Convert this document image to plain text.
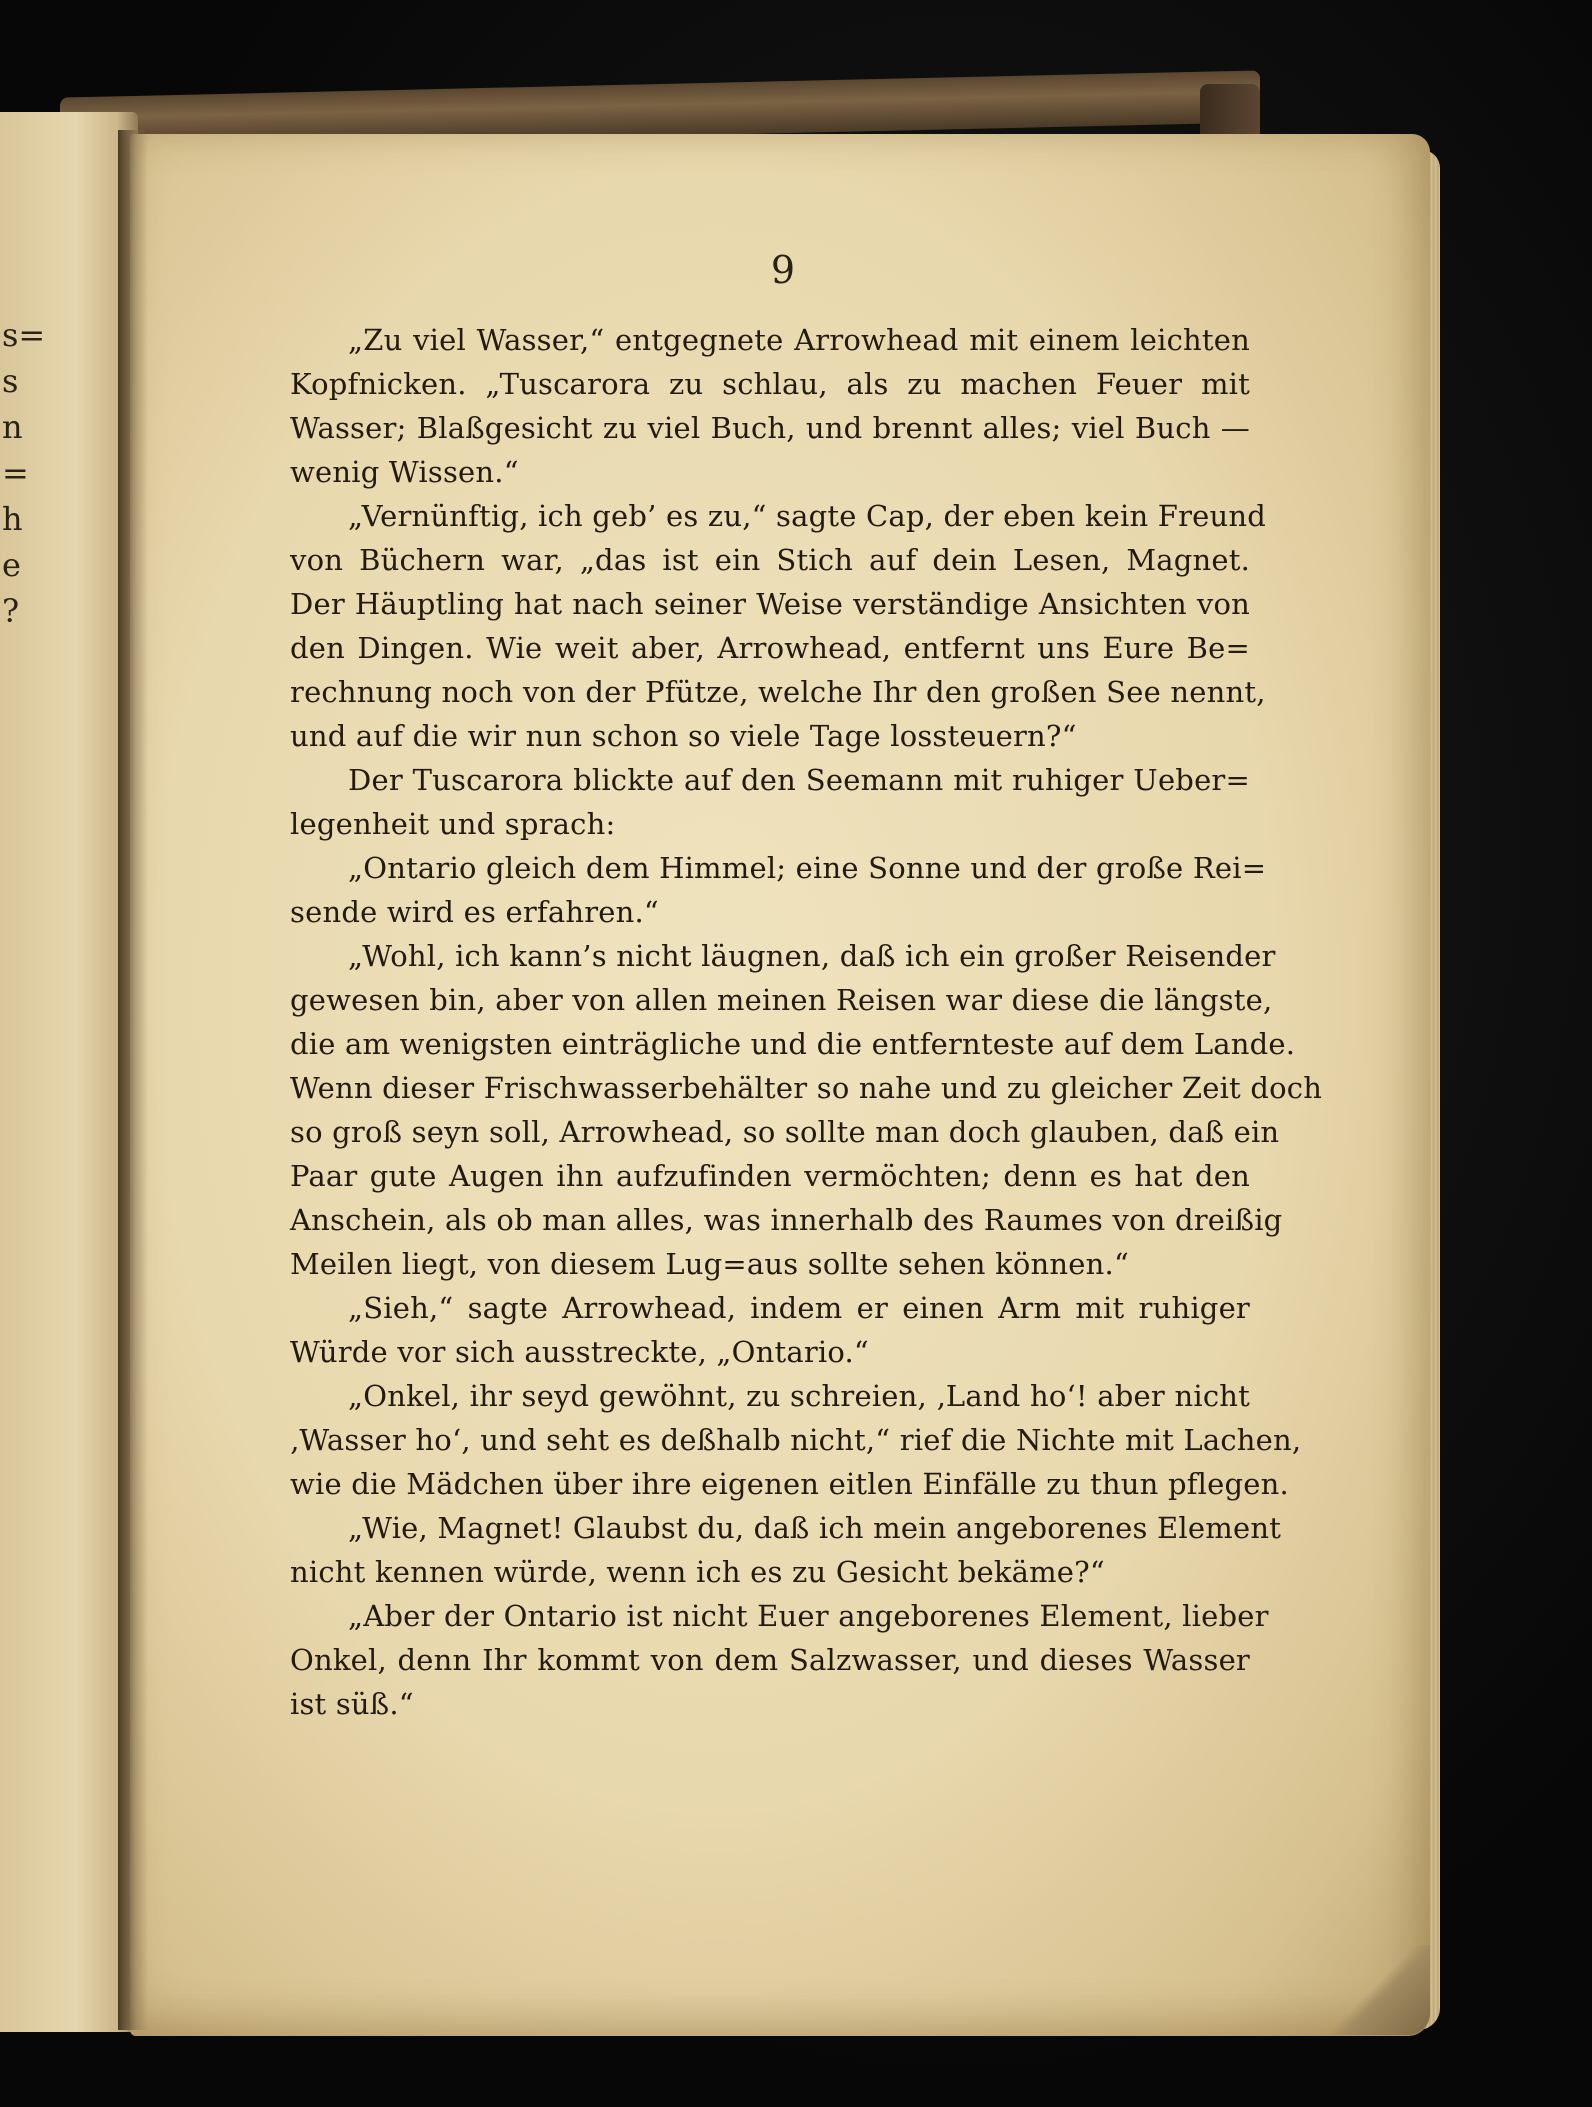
s=
s
n
=
h
e
?
9
„Zu viel Wasser,“ entgegnete Arrowhead mit einem leichten
Kopfnicken. „Tuscarora zu schlau, als zu machen Feuer mit
Wasser; Blaßgesicht zu viel Buch, und brennt alles; viel Buch —
wenig Wissen.“
„Vernünftig, ich geb’ es zu,“ sagte Cap, der eben kein Freund
von Büchern war, „das ist ein Stich auf dein Lesen, Magnet.
Der Häuptling hat nach seiner Weise verständige Ansichten von
den Dingen. Wie weit aber, Arrowhead, entfernt uns Eure Be=
rechnung noch von der Pfütze, welche Ihr den großen See nennt,
und auf die wir nun schon so viele Tage lossteuern?“
Der Tuscarora blickte auf den Seemann mit ruhiger Ueber=
legenheit und sprach:
„Ontario gleich dem Himmel; eine Sonne und der große Rei=
sende wird es erfahren.“
„Wohl, ich kann’s nicht läugnen, daß ich ein großer Reisender
gewesen bin, aber von allen meinen Reisen war diese die längste,
die am wenigsten einträgliche und die entfernteste auf dem Lande.
Wenn dieser Frischwasserbehälter so nahe und zu gleicher Zeit doch
so groß seyn soll, Arrowhead, so sollte man doch glauben, daß ein
Paar gute Augen ihn aufzufinden vermöchten; denn es hat den
Anschein, als ob man alles, was innerhalb des Raumes von dreißig
Meilen liegt, von diesem Lug=aus sollte sehen können.“
„Sieh,“ sagte Arrowhead, indem er einen Arm mit ruhiger
Würde vor sich ausstreckte, „Ontario.“
„Onkel, ihr seyd gewöhnt, zu schreien, ‚Land ho‘! aber nicht
‚Wasser ho‘, und seht es deßhalb nicht,“ rief die Nichte mit Lachen,
wie die Mädchen über ihre eigenen eitlen Einfälle zu thun pflegen.
„Wie, Magnet! Glaubst du, daß ich mein angeborenes Element
nicht kennen würde, wenn ich es zu Gesicht bekäme?“
„Aber der Ontario ist nicht Euer angeborenes Element, lieber
Onkel, denn Ihr kommt von dem Salzwasser, und dieses Wasser
ist süß.“
